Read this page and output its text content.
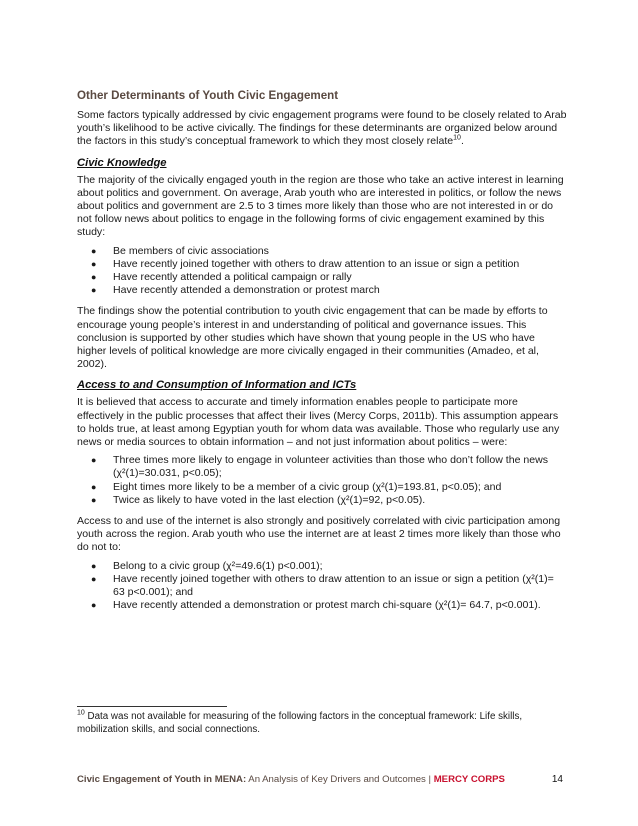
Other Determinants of Youth Civic Engagement

Some factors typically addressed by civic engagement programs were found to be closely related to Arab youth’s likelihood to be active civically. The findings for these determinants are organized below around the factors in this study’s conceptual framework to which they most closely relate$^{10}$.

Civic Knowledge

The majority of the civically engaged youth in the region are those who take an active interest in learning about politics and government. On average, Arab youth who are interested in politics, or follow the news about politics and government are 2.5 to 3 times more likely than those who are not interested in or do not follow news about politics to engage in the following forms of civic engagement examined by this study:

● Be members of civic associations
● Have recently joined together with others to draw attention to an issue or sign a petition
● Have recently attended a political campaign or rally
● Have recently attended a demonstration or protest march

The findings show the potential contribution to youth civic engagement that can be made by efforts to encourage young people’s interest in and understanding of political and governance issues. This conclusion is supported by other studies which have shown that young people in the US who have higher levels of political knowledge are more civically engaged in their communities (Amadeo, et al, 2002).

Access to and Consumption of Information and ICTs

It is believed that access to accurate and timely information enables people to participate more effectively in the public processes that affect their lives (Mercy Corps, 2011b). This assumption appears to holds true, at least among Egyptian youth for whom data was available. Those who regularly use any news or media sources to obtain information – and not just information about politics – were:

● Three times more likely to engage in volunteer activities than those who don’t follow the news (χ²(1)=30.031, p<0.05);
● Eight times more likely to be a member of a civic group (χ²(1)=193.81, p<0.05); and
● Twice as likely to have voted in the last election (χ²(1)=92, p<0.05).

Access to and use of the internet is also strongly and positively correlated with civic participation among youth across the region. Arab youth who use the internet are at least 2 times more likely than those who do not to:

● Belong to a civic group (χ²=49.6(1) p<0.001);
● Have recently joined together with others to draw attention to an issue or sign a petition (χ²(1)= 63 p<0.001); and
● Have recently attended a demonstration or protest march chi-square (χ²(1)= 64.7, p<0.001).
$^{10}$ Data was not available for measuring of the following factors in the conceptual framework: Life skills, mobilization skills, and social connections.
Civic Engagement of Youth in MENA: An Analysis of Key Drivers and Outcomes | MERCY CORPS	14
